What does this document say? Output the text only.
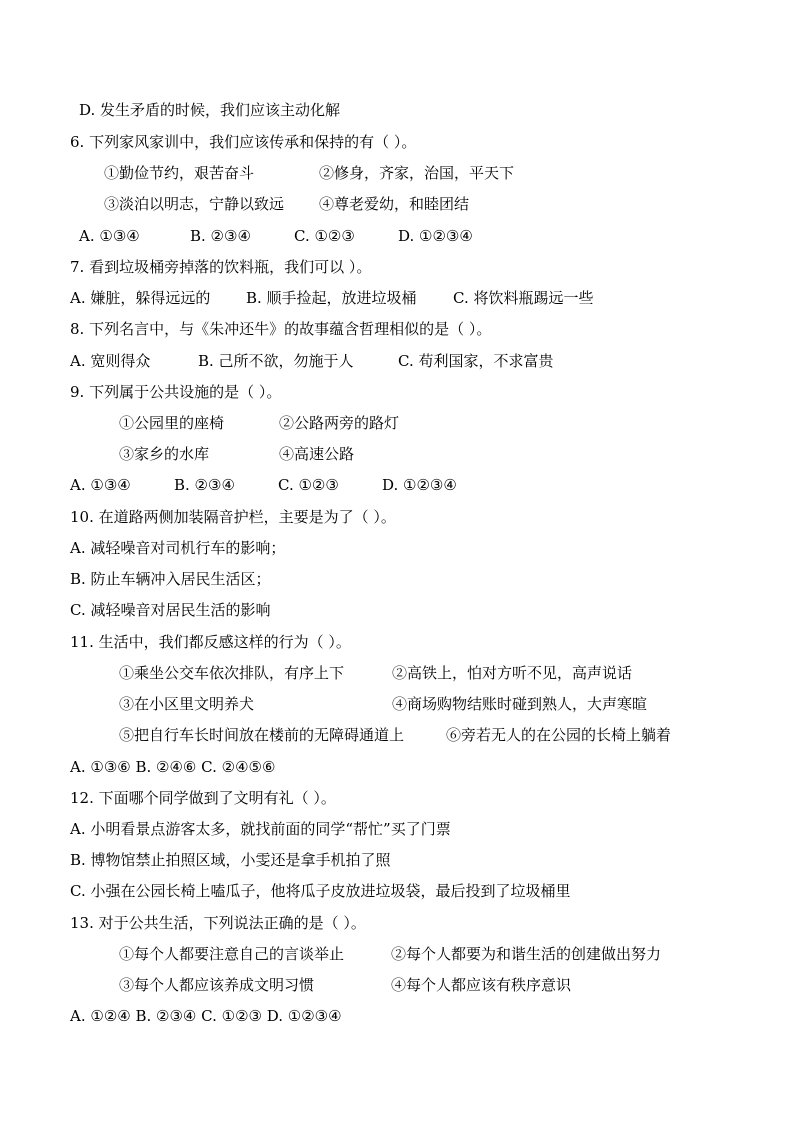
D. 发生矛盾的时候，我们应该主动化解
6. 下列家风家训中，我们应该传承和保持的有（ ）。
①勤俭节约，艰苦奋斗	②修身，齐家，治国，平天下
③淡泊以明志，宁静以致远 ④尊老爱幼，和睦团结
A. ①③④	B. ②③④	C. ①②③	D. ①②③④
7. 看到垃圾桶旁掉落的饮料瓶，我们可以 ）。
A. 嫌脏，躲得远远的 B. 顺手捡起，放进垃圾桶 C. 将饮料瓶踢远一些
8. 下列名言中，与《朱冲还牛》的故事蕴含哲理相似的是（ ）。
A. 宽则得众	B. 己所不欲，勿施于人	C. 苟利国家，不求富贵
9. 下列属于公共设施的是（ ）。
①公园里的座椅	②公路两旁的路灯
③家乡的水库	④高速公路
A. ①③④	B. ②③④	C. ①②③	D. ①②③④
10. 在道路两侧加装隔音护栏，主要是为了（ ）。
A. 减轻噪音对司机行车的影响；
B. 防止车辆冲入居民生活区；
C. 减轻噪音对居民生活的影响
11. 生活中，我们都反感这样的行为（ ）。
①乘坐公交车依次排队，有序上下	②高铁上，怕对方听不见，高声说话
③在小区里文明养犬	④商场购物结账时碰到熟人，大声寒暄
⑤把自行车长时间放在楼前的无障碍通道上	⑥旁若无人的在公园的长椅上躺着
A. ①③⑥ B. ②④⑥ C. ②④⑤⑥
12. 下面哪个同学做到了文明有礼（ ）。
A. 小明看景点游客太多，就找前面的同学“帮忙”买了门票
B. 博物馆禁止拍照区域，小雯还是拿手机拍了照
C. 小强在公园长椅上嗑瓜子，他将瓜子皮放进垃圾袋，最后投到了垃圾桶里
13. 对于公共生活，下列说法正确的是（ ）。
①每个人都要注意自己的言谈举止	②每个人都要为和谐生活的创建做出努力
③每个人都应该养成文明习惯	④每个人都应该有秩序意识
A. ①②④ B. ②③④ C. ①②③ D. ①②③④
